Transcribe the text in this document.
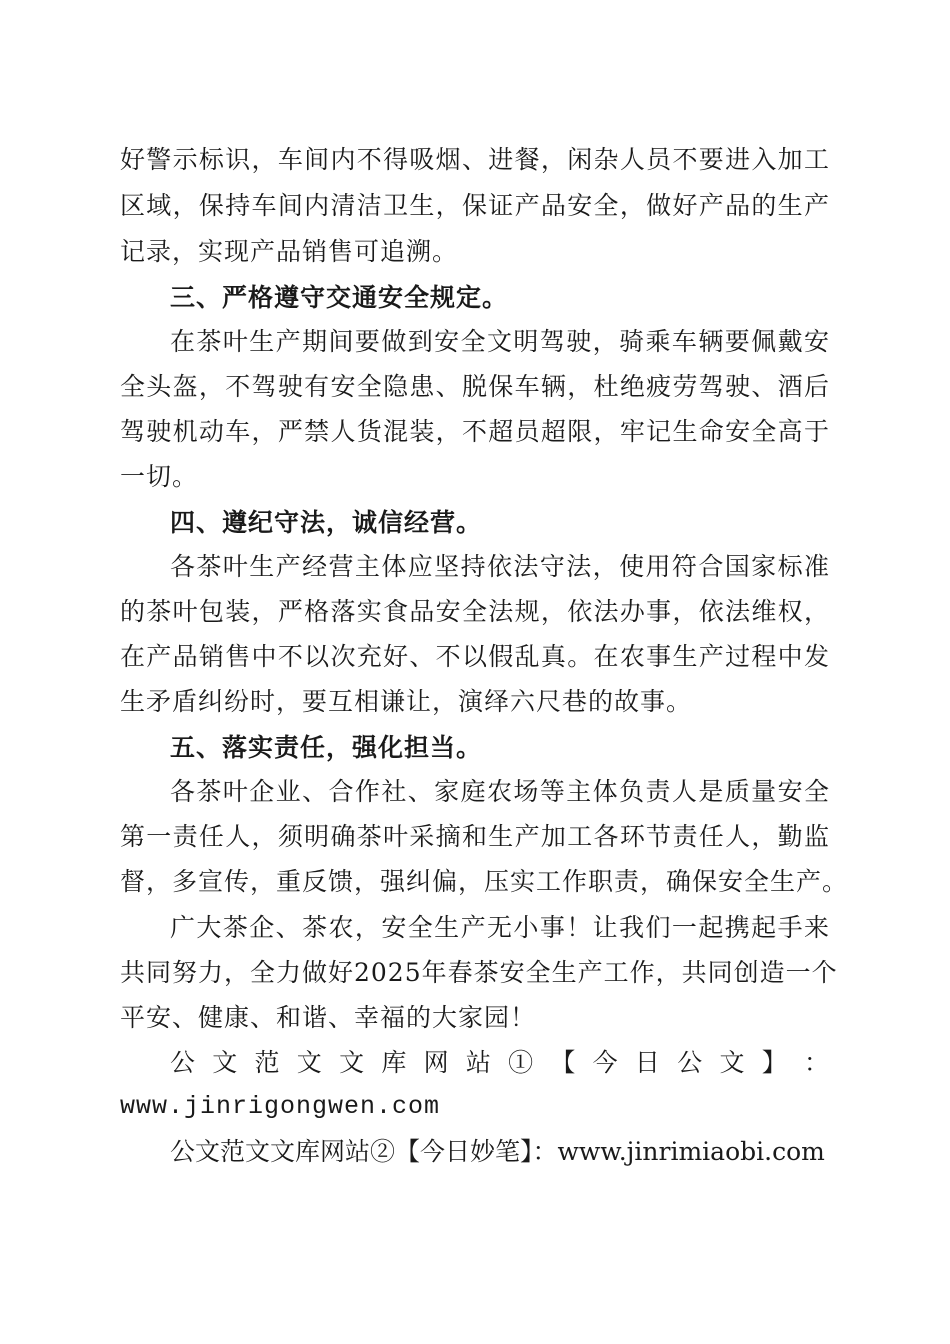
好警示标识，车间内不得吸烟、进餐，闲杂人员不要进入加工
区域，保持车间内清洁卫生，保证产品安全，做好产品的生产
记录，实现产品销售可追溯。
三、严格遵守交通安全规定。
在茶叶生产期间要做到安全文明驾驶，骑乘车辆要佩戴安
全头盔，不驾驶有安全隐患、脱保车辆，杜绝疲劳驾驶、酒后
驾驶机动车，严禁人货混装，不超员超限，牢记生命安全高于
一切。
四、遵纪守法，诚信经营。
各茶叶生产经营主体应坚持依法守法，使用符合国家标准
的茶叶包装，严格落实食品安全法规，依法办事，依法维权，
在产品销售中不以次充好、不以假乱真。在农事生产过程中发
生矛盾纠纷时，要互相谦让，演绎六尺巷的故事。
五、落实责任，强化担当。
各茶叶企业、合作社、家庭农场等主体负责人是质量安全
第一责任人，须明确茶叶采摘和生产加工各环节责任人，勤监
督，多宣传，重反馈，强纠偏，压实工作职责，确保安全生产。
广大茶企、茶农，安全生产无小事！让我们一起携起手来
共同努力，全力做好2025年春茶安全生产工作，共同创造一个
平安、健康、和谐、幸福的大家园！
公 文 范 文 文 库 网 站 ① 【 今 日 公 文 】 ：
www.jinrigongwen.com
公文范文文库网站②【今日妙笔】：www.jinrimiaobi.com
